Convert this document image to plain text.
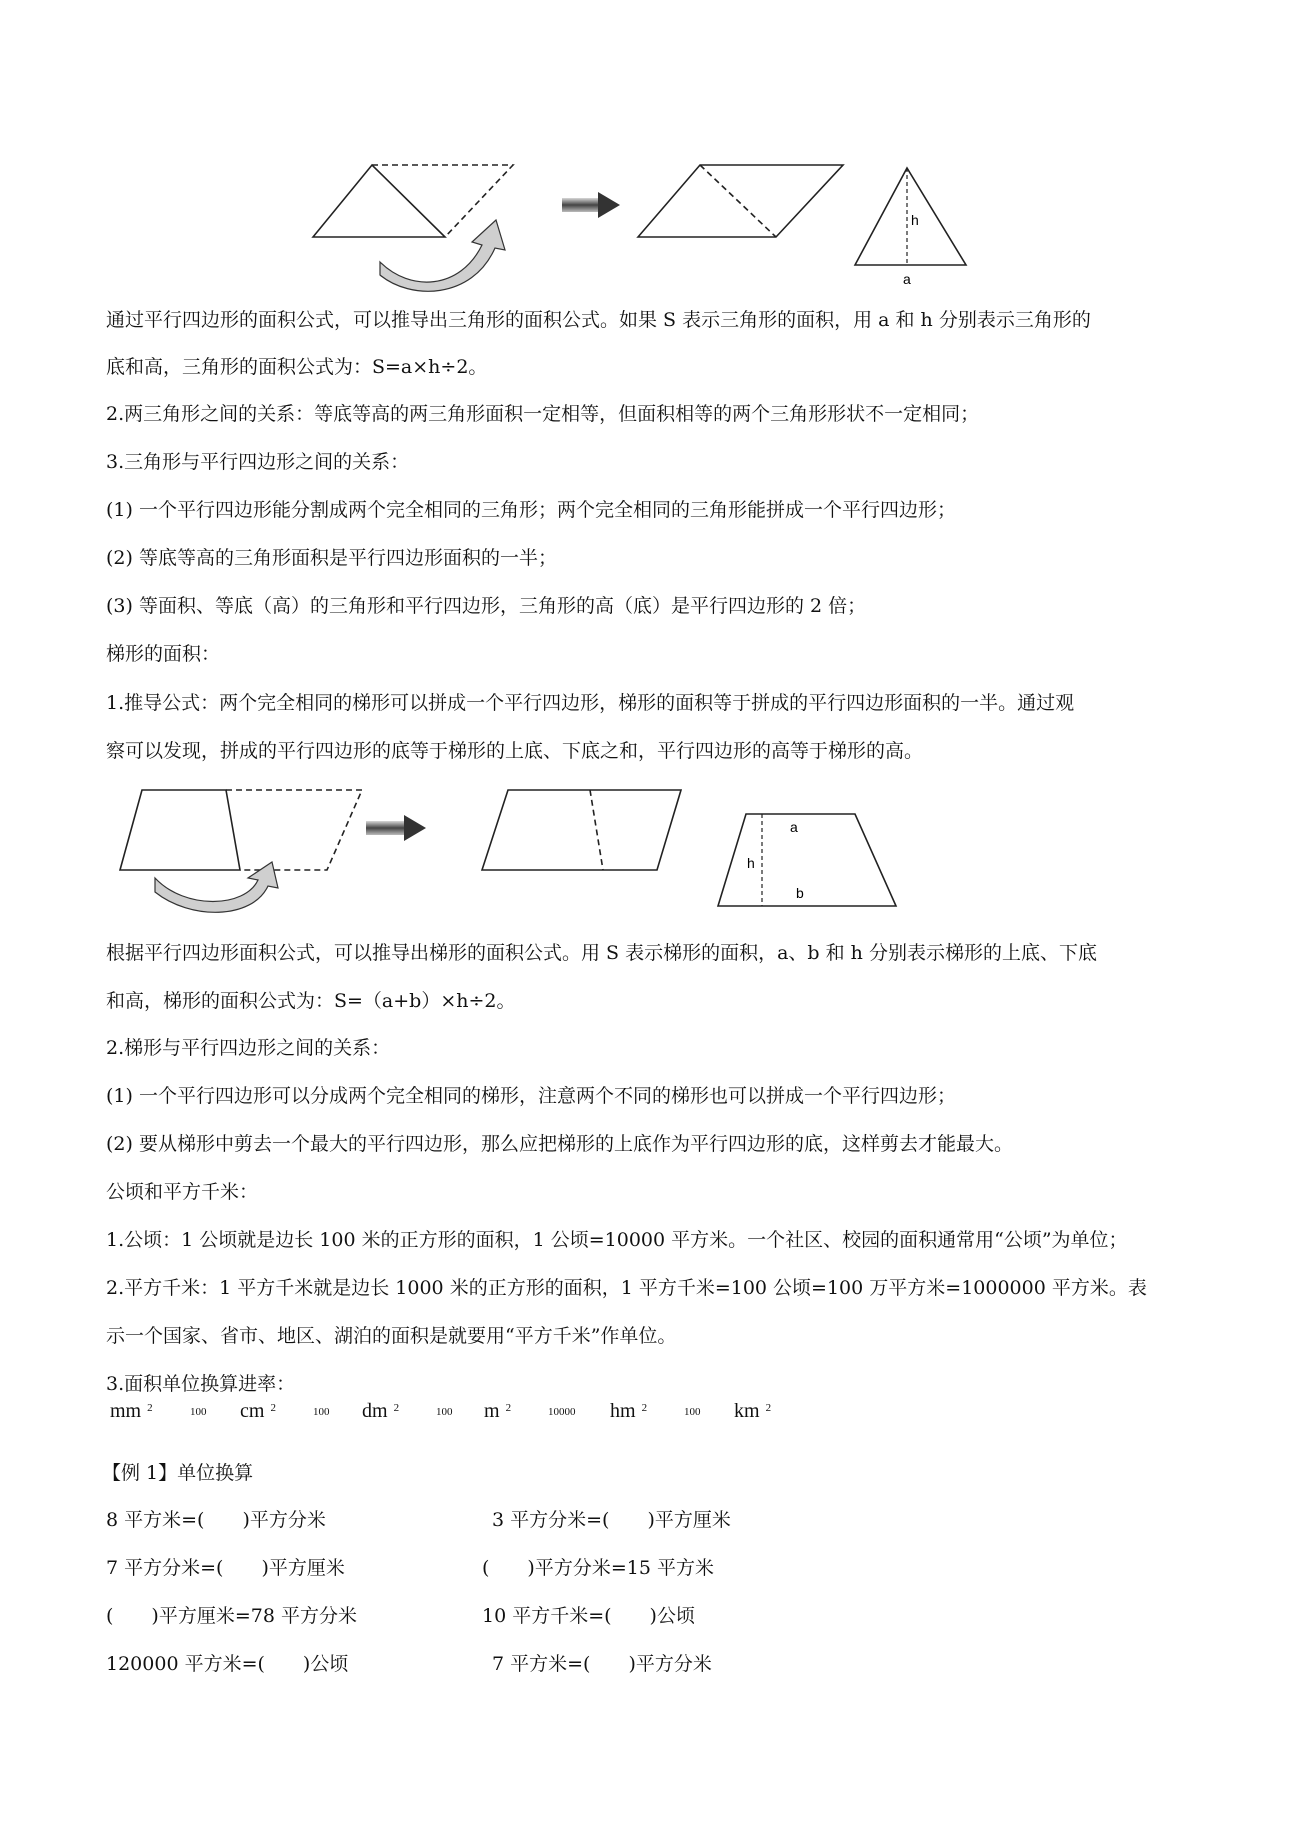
h
a
通过平行四边形的面积公式，可以推导出三角形的面积公式。如果 S 表示三角形的面积，用 a 和 h 分别表示三角形的
底和高，三角形的面积公式为：S=a×h÷2。
2.两三角形之间的关系：等底等高的两三角形面积一定相等，但面积相等的两个三角形形状不一定相同；
3.三角形与平行四边形之间的关系：
(1) 一个平行四边形能分割成两个完全相同的三角形；两个完全相同的三角形能拼成一个平行四边形；
(2) 等底等高的三角形面积是平行四边形面积的一半；
(3) 等面积、等底（高）的三角形和平行四边形，三角形的高（底）是平行四边形的 2 倍；
梯形的面积：
1.推导公式：两个完全相同的梯形可以拼成一个平行四边形，梯形的面积等于拼成的平行四边形面积的一半。通过观
察可以发现，拼成的平行四边形的底等于梯形的上底、下底之和，平行四边形的高等于梯形的高。
a
h
b
根据平行四边形面积公式，可以推导出梯形的面积公式。用 S 表示梯形的面积，a、b 和 h 分别表示梯形的上底、下底
和高，梯形的面积公式为：S=（a+b）×h÷2。
2.梯形与平行四边形之间的关系：
(1) 一个平行四边形可以分成两个完全相同的梯形，注意两个不同的梯形也可以拼成一个平行四边形；
(2) 要从梯形中剪去一个最大的平行四边形，那么应把梯形的上底作为平行四边形的底，这样剪去才能最大。
公顷和平方千米：
1.公顷：1 公顷就是边长 100 米的正方形的面积，1 公顷=10000 平方米。一个社区、校园的面积通常用“公顷”为单位；
2.平方千米：1 平方千米就是边长 1000 米的正方形的面积，1 平方千米=100 公顷=100 万平方米=1000000 平方米。表
示一个国家、省市、地区、湖泊的面积是就要用“平方千米”作单位。
3.面积单位换算进率：
mm $^2$	100 cm $^2$	100 dm $^2$	100 m $^2$	10000 hm $^2$	100 km $^2$
【例 1】单位换算
8 平方米=(　　)平方分米	3 平方分米=(　　)平方厘米
7 平方分米=(　　)平方厘米	(　　)平方分米=15 平方米
(　　)平方厘米=78 平方分米	10 平方千米=(　　)公顷
120000 平方米=(　　)公顷	7 平方米=(　　)平方分米
